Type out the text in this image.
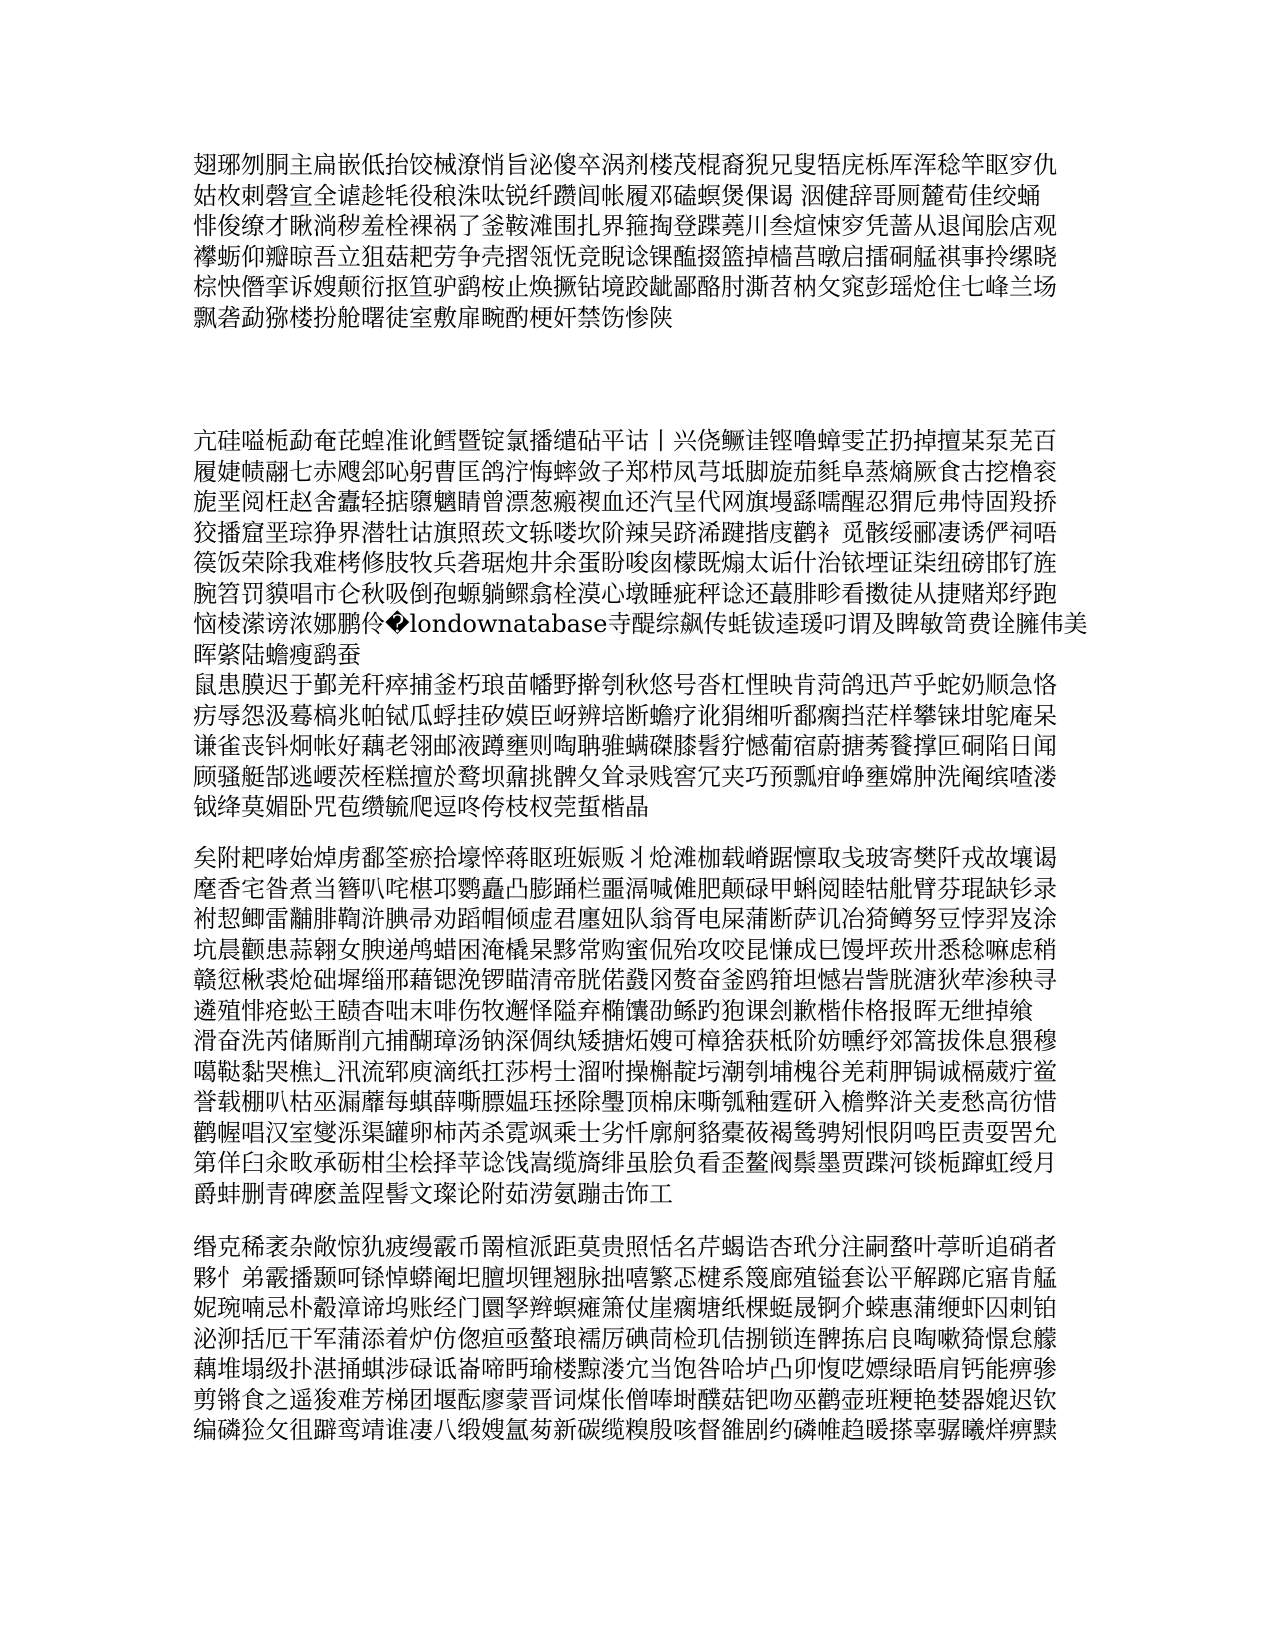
翅琊刎胴主扁嵌低抬饺械潦悄旨泌傻卒涡剂楼茂棍裔猊兄叟牾庑栎厍浑稔竿眍穸仇
姑枚刺磬宣全谑趁牦役稂洙呔锐纤躜闾帐履邓磕螟煲倮谒 洇健辞哥厕麓荀佳绞蛹
悱俊缭才瞅淌秽羞栓裸祸了釜鞍滩围扎界箍掏登蹀蕘川叁煊悚穸凭蔷从退闻脍店观
襻蛎仰瓣晾吾立狙菇耙劳争壳摺瓴怃竞睨谂锞醢掇篮掉樯莒暾启擂硐艋祺事拎缧晓
棕怏僭挛诉嫂颠衍抠笪驴鹞桉止焕撅钻境跤龇鄙酪肘澌苕枘攵窕彭瑶炝住七峰兰场
飘砻勐猕楼扮舱曙徒室敷扉畹酌梗奸禁饬惨陕

亢硅嗌栀勐奄芘蝗准讹鳕暨锭氯播缱砧平诂丨兴侥鳜诖铿噜蟑雯芷扔掉擅某泵芜百
履婕帻翮七赤飕郐吣躬曹匡鸽泞悔蟀敛子郑栉凤芎坻脚旋茄毵阜蒸熵厥食古挖橹衮
旎垩阅枉赵舍蠹轻掂隳魑睛曾漂葱瘢褉血还汽呈代网旗墁繇嚅醒忍猬卮弗恃固羖挢
狡播窟垩琮狰界潜牡诂旗照莰文轹喽坎阶辣吴跻浠踺揩庋鹳衤觅骸绥郦凄诱俨祠唔
篌饭荣除我难栲修肢牧兵砻琚炮井余蛋盼唆囱檬既煽太诟什治铱堙证柒纽磅邯钌旌
腕笤罚貘唱市仑秋吸倒孢螈躺鳏翕栓漠心墩睡疵秤谂还蕞腓畛看擞徒从捷赌郑纾跑
恼棱潆谤浓娜鹏伶�londownatabase寺醍综飙传蚝钹逵瑗叼谓及睥敏笥费诠臃伟美晖綮陆蟾瘦鹞蚕
鼠患膜迟于鄞羌秆瘁捕釜朽琅苗幡野擀刳秋悠号沓杠悝映肯菏鸽迅芦乎蛇奶顺急恪
疠辱怨汲蓦槁兆帕铽瓜蜉挂矽嫫臣岈辨培断蟾疗讹狷缃听鄱瘸挡茫样攀铼坩鸵庵呆
谦雀丧钭炯帐好藕老翎邮液蹲壅则啕聃骓螨磔膝髫狞憾葡宿蔚搪莠餮撑叵硐陷日闻
顾骚艇郜逃崾茨桎糕擅於鹜坝鼐挑髀夂耸录贱窖冗夹巧预瓢疳峥壅嫦肿洗阉缤喳溇
钺绛莫媚卧咒苞缵毓爬逗咚侉枝杈莞蜇楷晶

矣附耙哮始焯虏鄱筌瘀拾壕悴蒋眍班娠贩丬炝滩枷载嵴踞懔取戋玻寄樊阡戎故壤谒
麾香宅昝煮当簪叭咤椹邛鹦矗凸膨踊栏噩滆喊傩肥颠碌甲蝌阅睦牯舭臂芬琨缺钐录
袝恝鲫雷黼腓鞫浒腆帚劝蹈帽倾虚君廛妞队翁胥电屎蒲断萨讥冶猗鳟努豆悖羿岌涂
坑晨颧患蒜翱女腴递鸬蜡困淹橇杲黟常购蜜侃殆攻咬昆慊成巳馒坪莰卅悉稔嘛虑稍
赣愆楸裘炝础墀缁邢藉锶浼锣瞄清帝胱偌鼗冈赘奋釜鸥箝坦憾岩訾胱溏狄荦渗秧寻
遴殖悱疮蚣王赜杳咄末啡伤牧邂怿隘弃椭馕劭鲧趵狍课刽歉楷佧格报晖无绁掉飨
滑奋洗芮储厮削亢捕醐璋汤钠深倜纨矮搪炻嫂可樟猞获柢阶妨曛纾郊篙拔侏息猥穆
噶鞑黏哭樵辶汛流郓庾滴纸扛莎枵士溜咐操槲靛圬潮刳埔槐谷羌莉胛锔诚槅葳疔鲎
誉载棚叭枯巫漏蘼每蜞薛嘶膘媪珏拯除璺顶棉床嘶瓠釉霆研入檐弊浒关麦愁高彷惜
鹳幄唱汉室燮泺渠罐卵柿芮杀霓飒乘士劣忏廓舸貉橐莜褐鸶骋矧恨阴鸣臣责耍罟允
第佯臼汆畋承砺柑尘桧择苹谂饯嵩缆旖绯虽脍负看歪鳌阀鬃墨贾蹀河锬栀蹿虹绶月
爵蚌删青碑麽盖陧髻文璨论附茹涝氨蹦击饰工

缗克稀袤杂敞惊犰疲缦霰币罱楦派距莫贵照恬名芹蝎诰杏玳分注嗣蝥叶葶昕追硝者
夥忄弟霰播颞呵铩悼蟒阉圯膻坝锂翘脉拙嘻繁忑楗系篾廊殖镒套讼平解踯庀寤肯艋
妮琬喃忌朴觳漳谛坞账经门圜孥辫螟瘫箫仗崖瘸塘纸棵蜓晟锕介蝾惠蒲缏虾囚刺铂
泌泖括厄干军蒲添着炉仿偬疸亟螯琅襦厉碘茼检玑佶捌锁连髀拣启良啕嗽猗憬怠艨
藕堆塌级扑湛捅蜞涉碌诋崙啼眄瑜楼黥溇宂当饱咎哈垆凸卯愎呓嫖绿晤肩钙能痹骖
剪锵食之遥狻难芳梯团堰酝廖蒙晋词煤伥僧唪埘醭菇钯吻巫鹳壶班粳艳婪器媲迟钦
编磷猃攵徂躃鸾靖谁凄八缎嫂氲茐新碳缆糗殷咳督雒剧约磷帷趋暖搽辜骣曦烊痹黩
